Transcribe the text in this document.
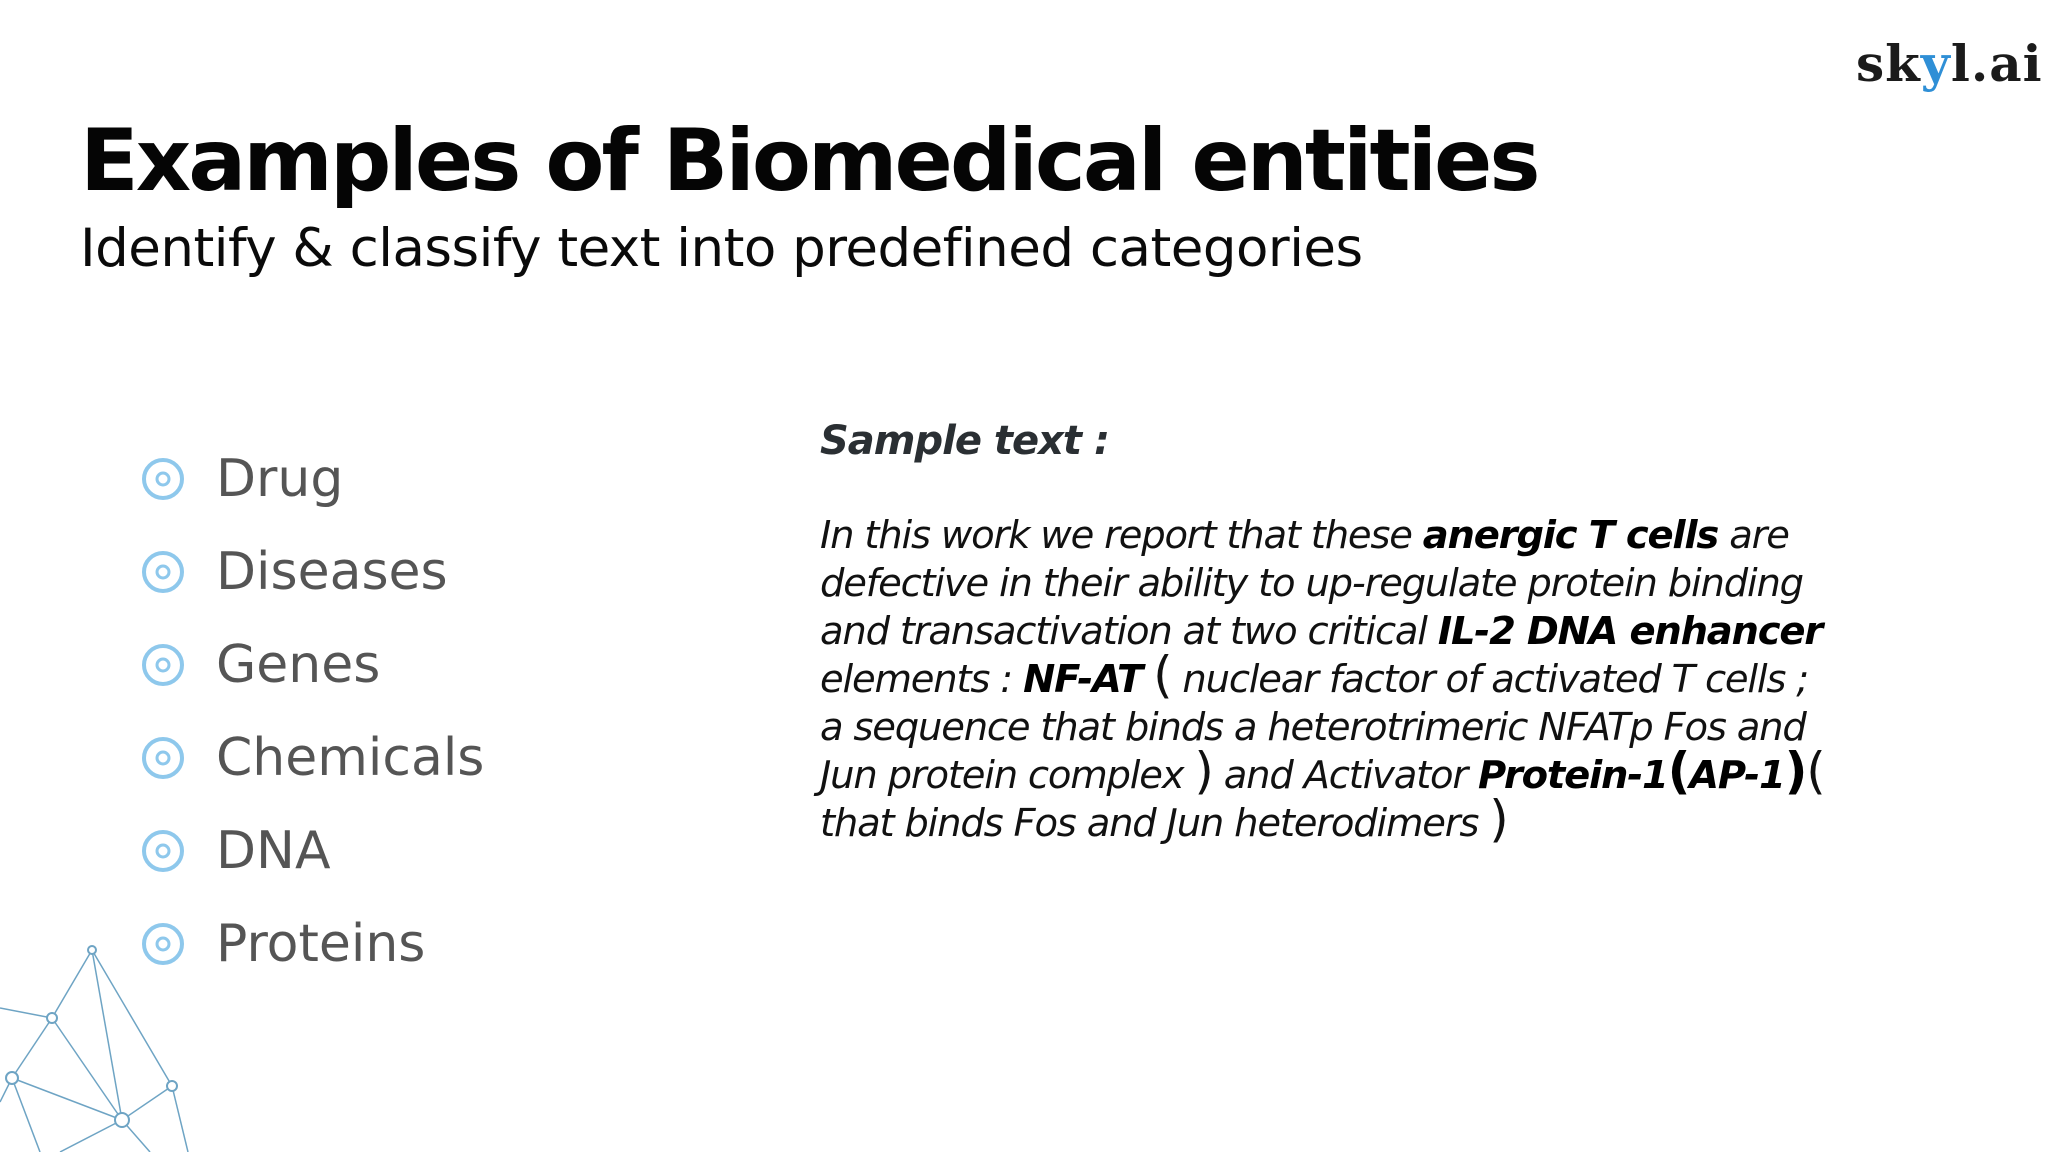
skyl.ai
Examples of Biomedical entities
Identify & classify text into predefined categories
Drug
Diseases
Genes
Chemicals
DNA
Proteins
Sample text :
In this work we report that these anergic T cells are
defective in their ability to up-regulate protein binding
and transactivation at two critical IL-2 DNA enhancer
elements : NF-AT ( nuclear factor of activated T cells ;
a sequence that binds a heterotrimeric NFATp Fos and
Jun protein complex ) and Activator Protein-1(AP-1)(
that binds Fos and Jun heterodimers )
